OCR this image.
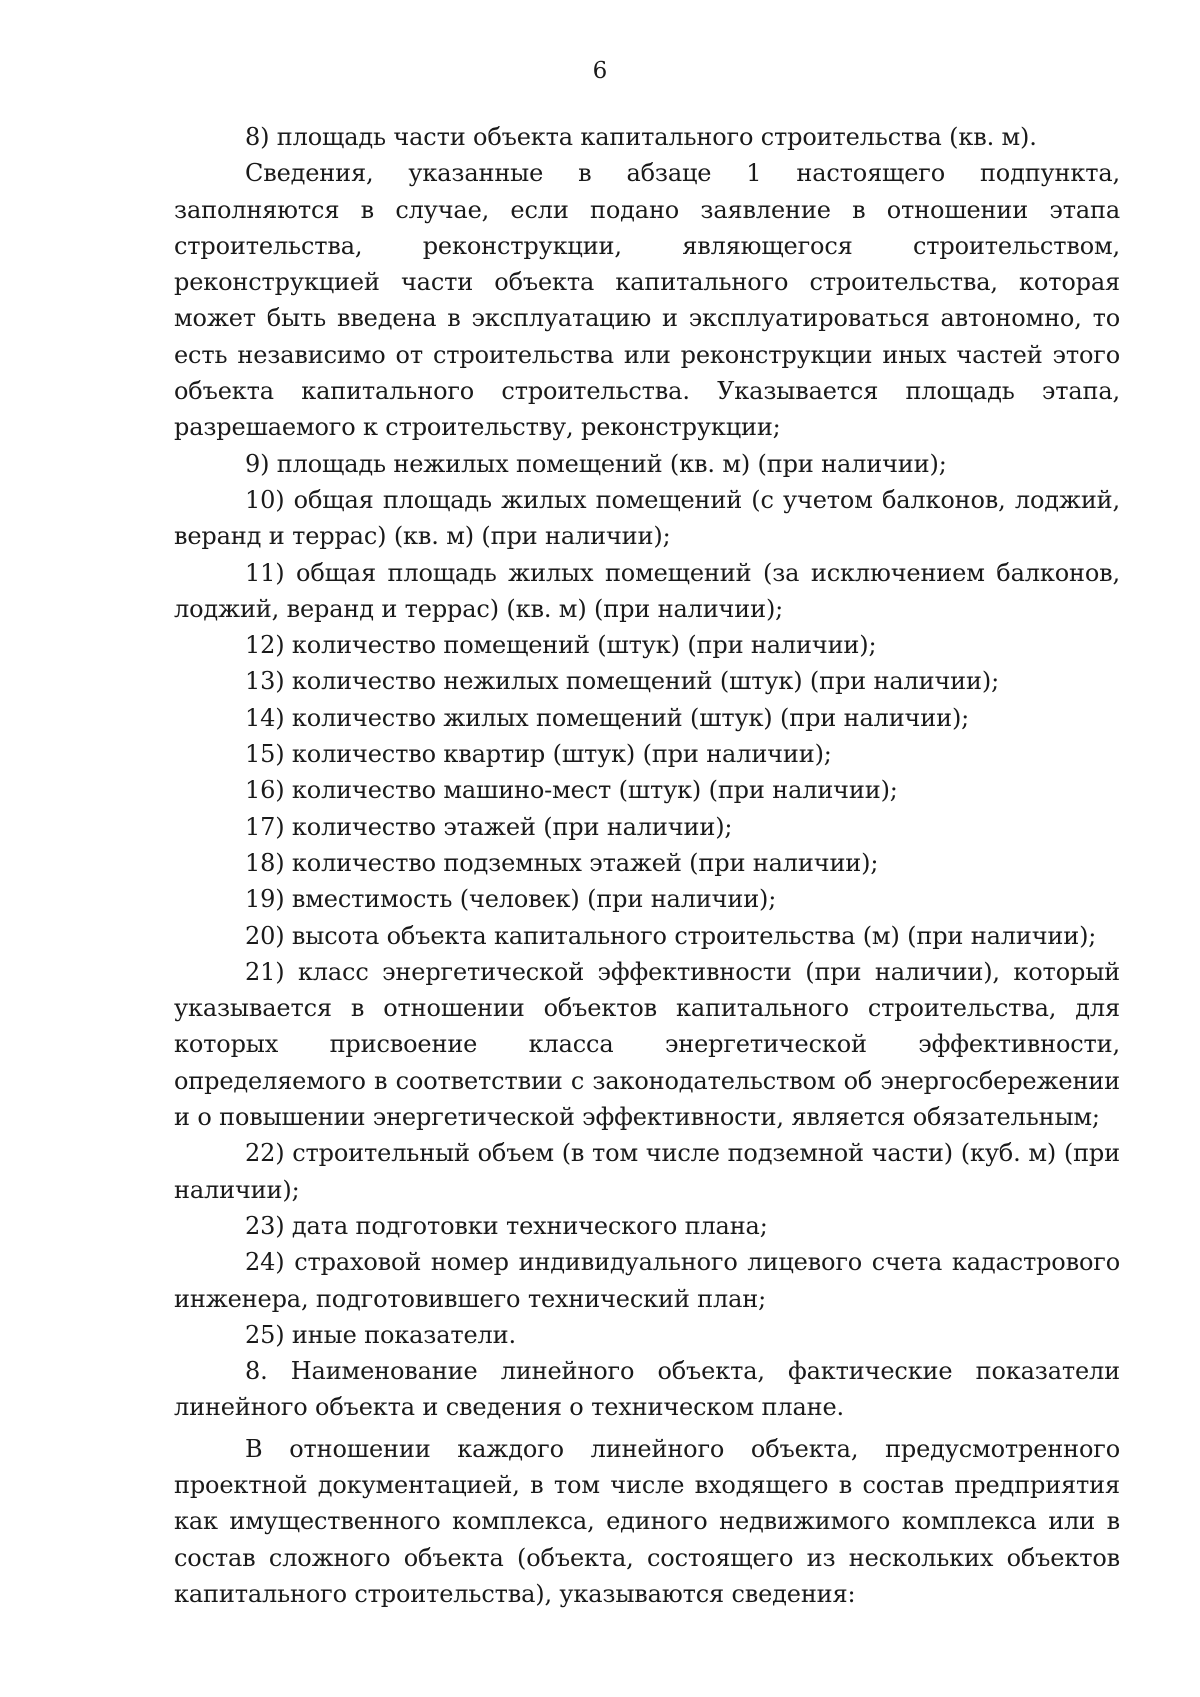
6

8) площадь части объекта капитального строительства (кв. м).

Сведения, указанные в абзаце 1 настоящего подпункта, заполняются в случае, если подано заявление в отношении этапа строительства, реконструкции, являющегося строительством, реконструкцией части объекта капитального строительства, которая может быть введена в эксплуатацию и эксплуатироваться автономно, то есть независимо от строительства или реконструкции иных частей этого объекта капитального строительства. Указывается площадь этапа, разрешаемого к строительству, реконструкции;

9) площадь нежилых помещений (кв. м) (при наличии);

10) общая площадь жилых помещений (с учетом балконов, лоджий, веранд и террас) (кв. м) (при наличии);

11) общая площадь жилых помещений (за исключением балконов, лоджий, веранд и террас) (кв. м) (при наличии);

12) количество помещений (штук) (при наличии);

13) количество нежилых помещений (штук) (при наличии);

14) количество жилых помещений (штук) (при наличии);

15) количество квартир (штук) (при наличии);

16) количество машино-мест (штук) (при наличии);

17) количество этажей (при наличии);

18) количество подземных этажей (при наличии);

19) вместимость (человек) (при наличии);

20) высота объекта капитального строительства (м) (при наличии);

21) класс энергетической эффективности (при наличии), который указывается в отношении объектов капитального строительства, для которых присвоение класса энергетической эффективности, определяемого в соответствии с законодательством об энергосбережении и о повышении энергетической эффективности, является обязательным;

22) строительный объем (в том числе подземной части) (куб. м) (при наличии);

23) дата подготовки технического плана;

24) страховой номер индивидуального лицевого счета кадастрового инженера, подготовившего технический план;

25) иные показатели.

8. Наименование линейного объекта, фактические показатели линейного объекта и сведения о техническом плане.

В отношении каждого линейного объекта, предусмотренного проектной документацией, в том числе входящего в состав предприятия как имущественного комплекса, единого недвижимого комплекса или в состав сложного объекта (объекта, состоящего из нескольких объектов капитального строительства), указываются сведения:
